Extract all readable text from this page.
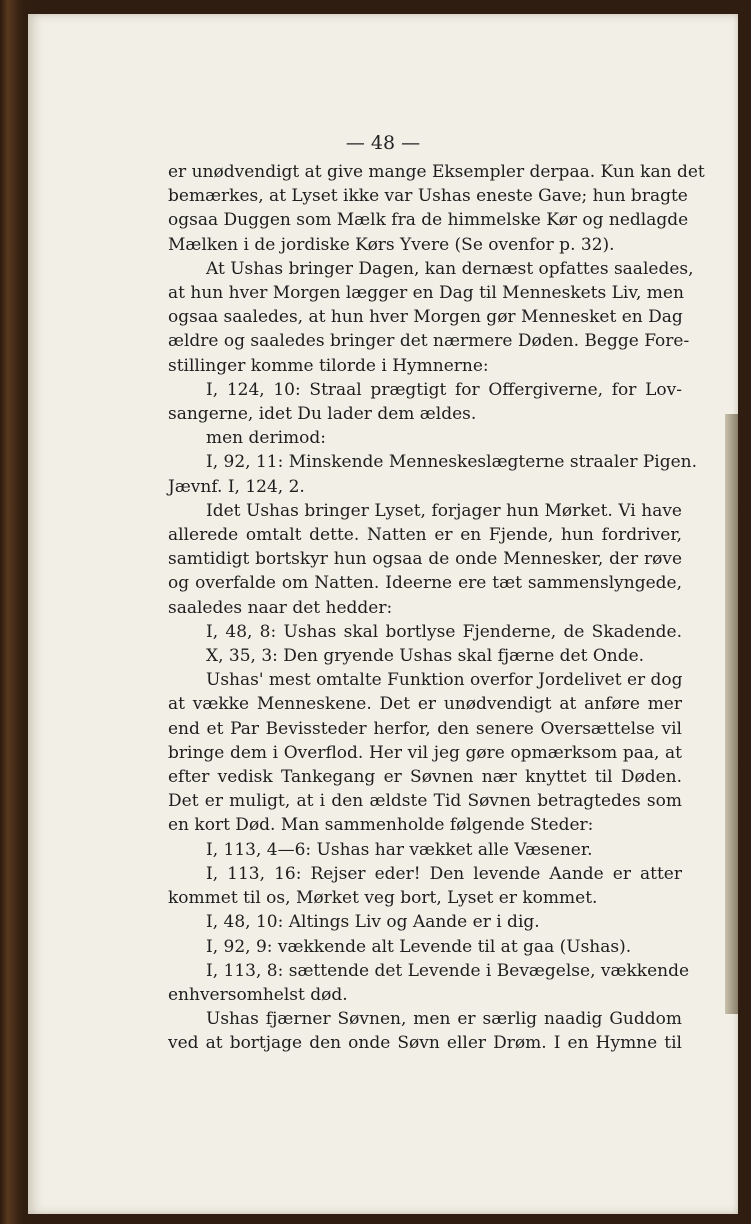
— 48 —
er unødvendigt at give mange Eksempler derpaa. Kun kan det
bemærkes, at Lyset ikke var Ushas eneste Gave; hun bragte
ogsaa Duggen som Mælk fra de himmelske Kør og nedlagde
Mælken i de jordiske Kørs Yvere (Se ovenfor p. 32).
At Ushas bringer Dagen, kan dernæst opfattes saaledes,
at hun hver Morgen lægger en Dag til Menneskets Liv, men
ogsaa saaledes, at hun hver Morgen gør Mennesket en Dag
ældre og saaledes bringer det nærmere Døden. Begge Fore-
stillinger komme tilorde i Hymnerne:
I, 124, 10: Straal prægtigt for Offergiverne, for Lov-
sangerne, idet Du lader dem ældes.
men derimod:
I, 92, 11: Minskende Menneskeslægterne straaler Pigen.
Jævnf. I, 124, 2.
Idet Ushas bringer Lyset, forjager hun Mørket. Vi have
allerede omtalt dette. Natten er en Fjende, hun fordriver,
samtidigt bortskyr hun ogsaa de onde Mennesker, der røve
og overfalde om Natten. Ideerne ere tæt sammenslyngede,
saaledes naar det hedder:
I, 48, 8: Ushas skal bortlyse Fjenderne, de Skadende.
X, 35, 3: Den gryende Ushas skal fjærne det Onde.
Ushas' mest omtalte Funktion overfor Jordelivet er dog
at vække Menneskene. Det er unødvendigt at anføre mer
end et Par Bevissteder herfor, den senere Oversættelse vil
bringe dem i Overflod. Her vil jeg gøre opmærksom paa, at
efter vedisk Tankegang er Søvnen nær knyttet til Døden.
Det er muligt, at i den ældste Tid Søvnen betragtedes som
en kort Død. Man sammenholde følgende Steder:
I, 113, 4—6: Ushas har vækket alle Væsener.
I, 113, 16: Rejser eder! Den levende Aande er atter
kommet til os, Mørket veg bort, Lyset er kommet.
I, 48, 10: Altings Liv og Aande er i dig.
I, 92, 9: vækkende alt Levende til at gaa (Ushas).
I, 113, 8: sættende det Levende i Bevægelse, vækkende
enhversomhelst død.
Ushas fjærner Søvnen, men er særlig naadig Guddom
ved at bortjage den onde Søvn eller Drøm. I en Hymne til
